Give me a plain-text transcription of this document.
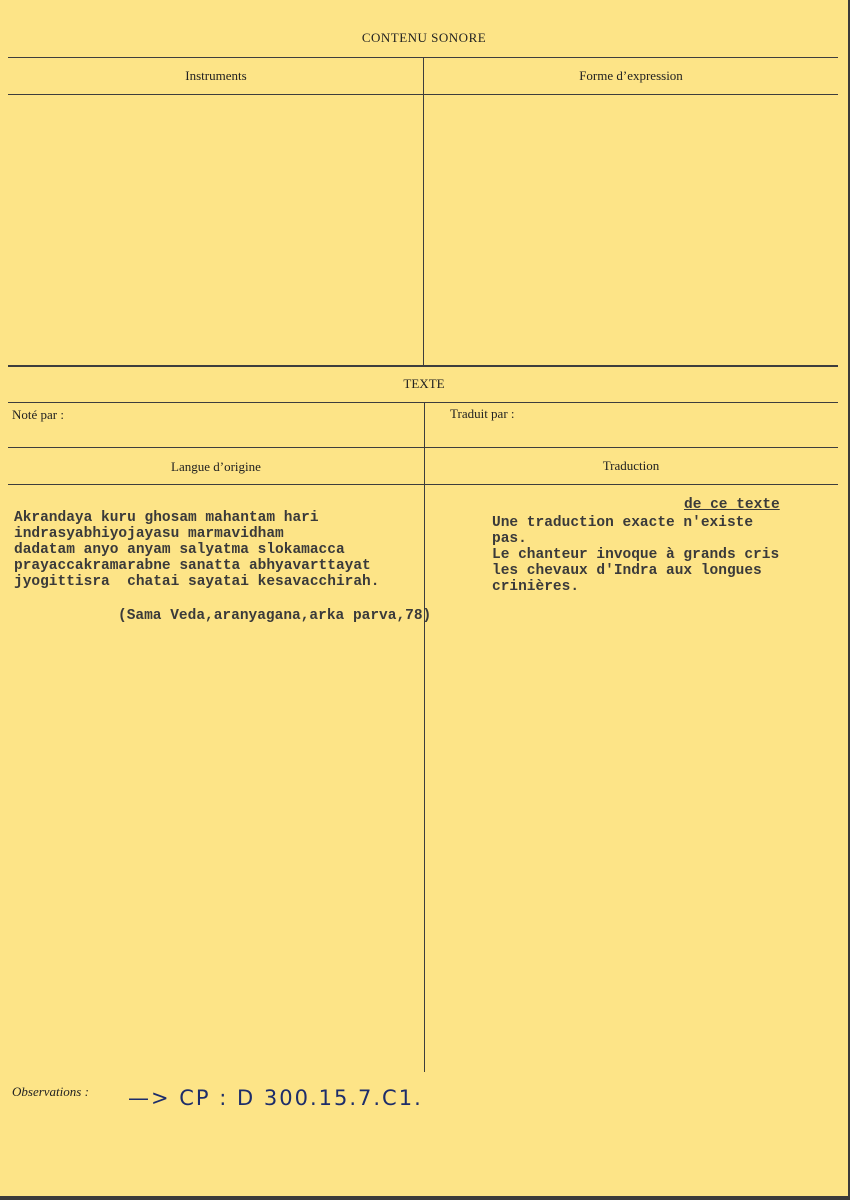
CONTENU SONORE
Instruments	Forme d’expression
TEXTE
Noté par :	Traduit par :
Langue d’origine	Traduction
Akrandaya kuru ghosam mahantam hari
indrasyabhiyojayasu marmavidham
dadatam anyo anyam salyatma slokamacca
prayaccakramarabne sanatta abhyavarttayat
jyogittisra  chatai sayatai kesavacchirah.
(Sama Veda,aranyagana,arka parva,78)
de ce texte
Une traduction exacte n'existe
pas.
Le chanteur invoque à grands cris
les chevaux d'Indra aux longues
crinières.
Observations : —> CP : D 300.15.7.C1.
